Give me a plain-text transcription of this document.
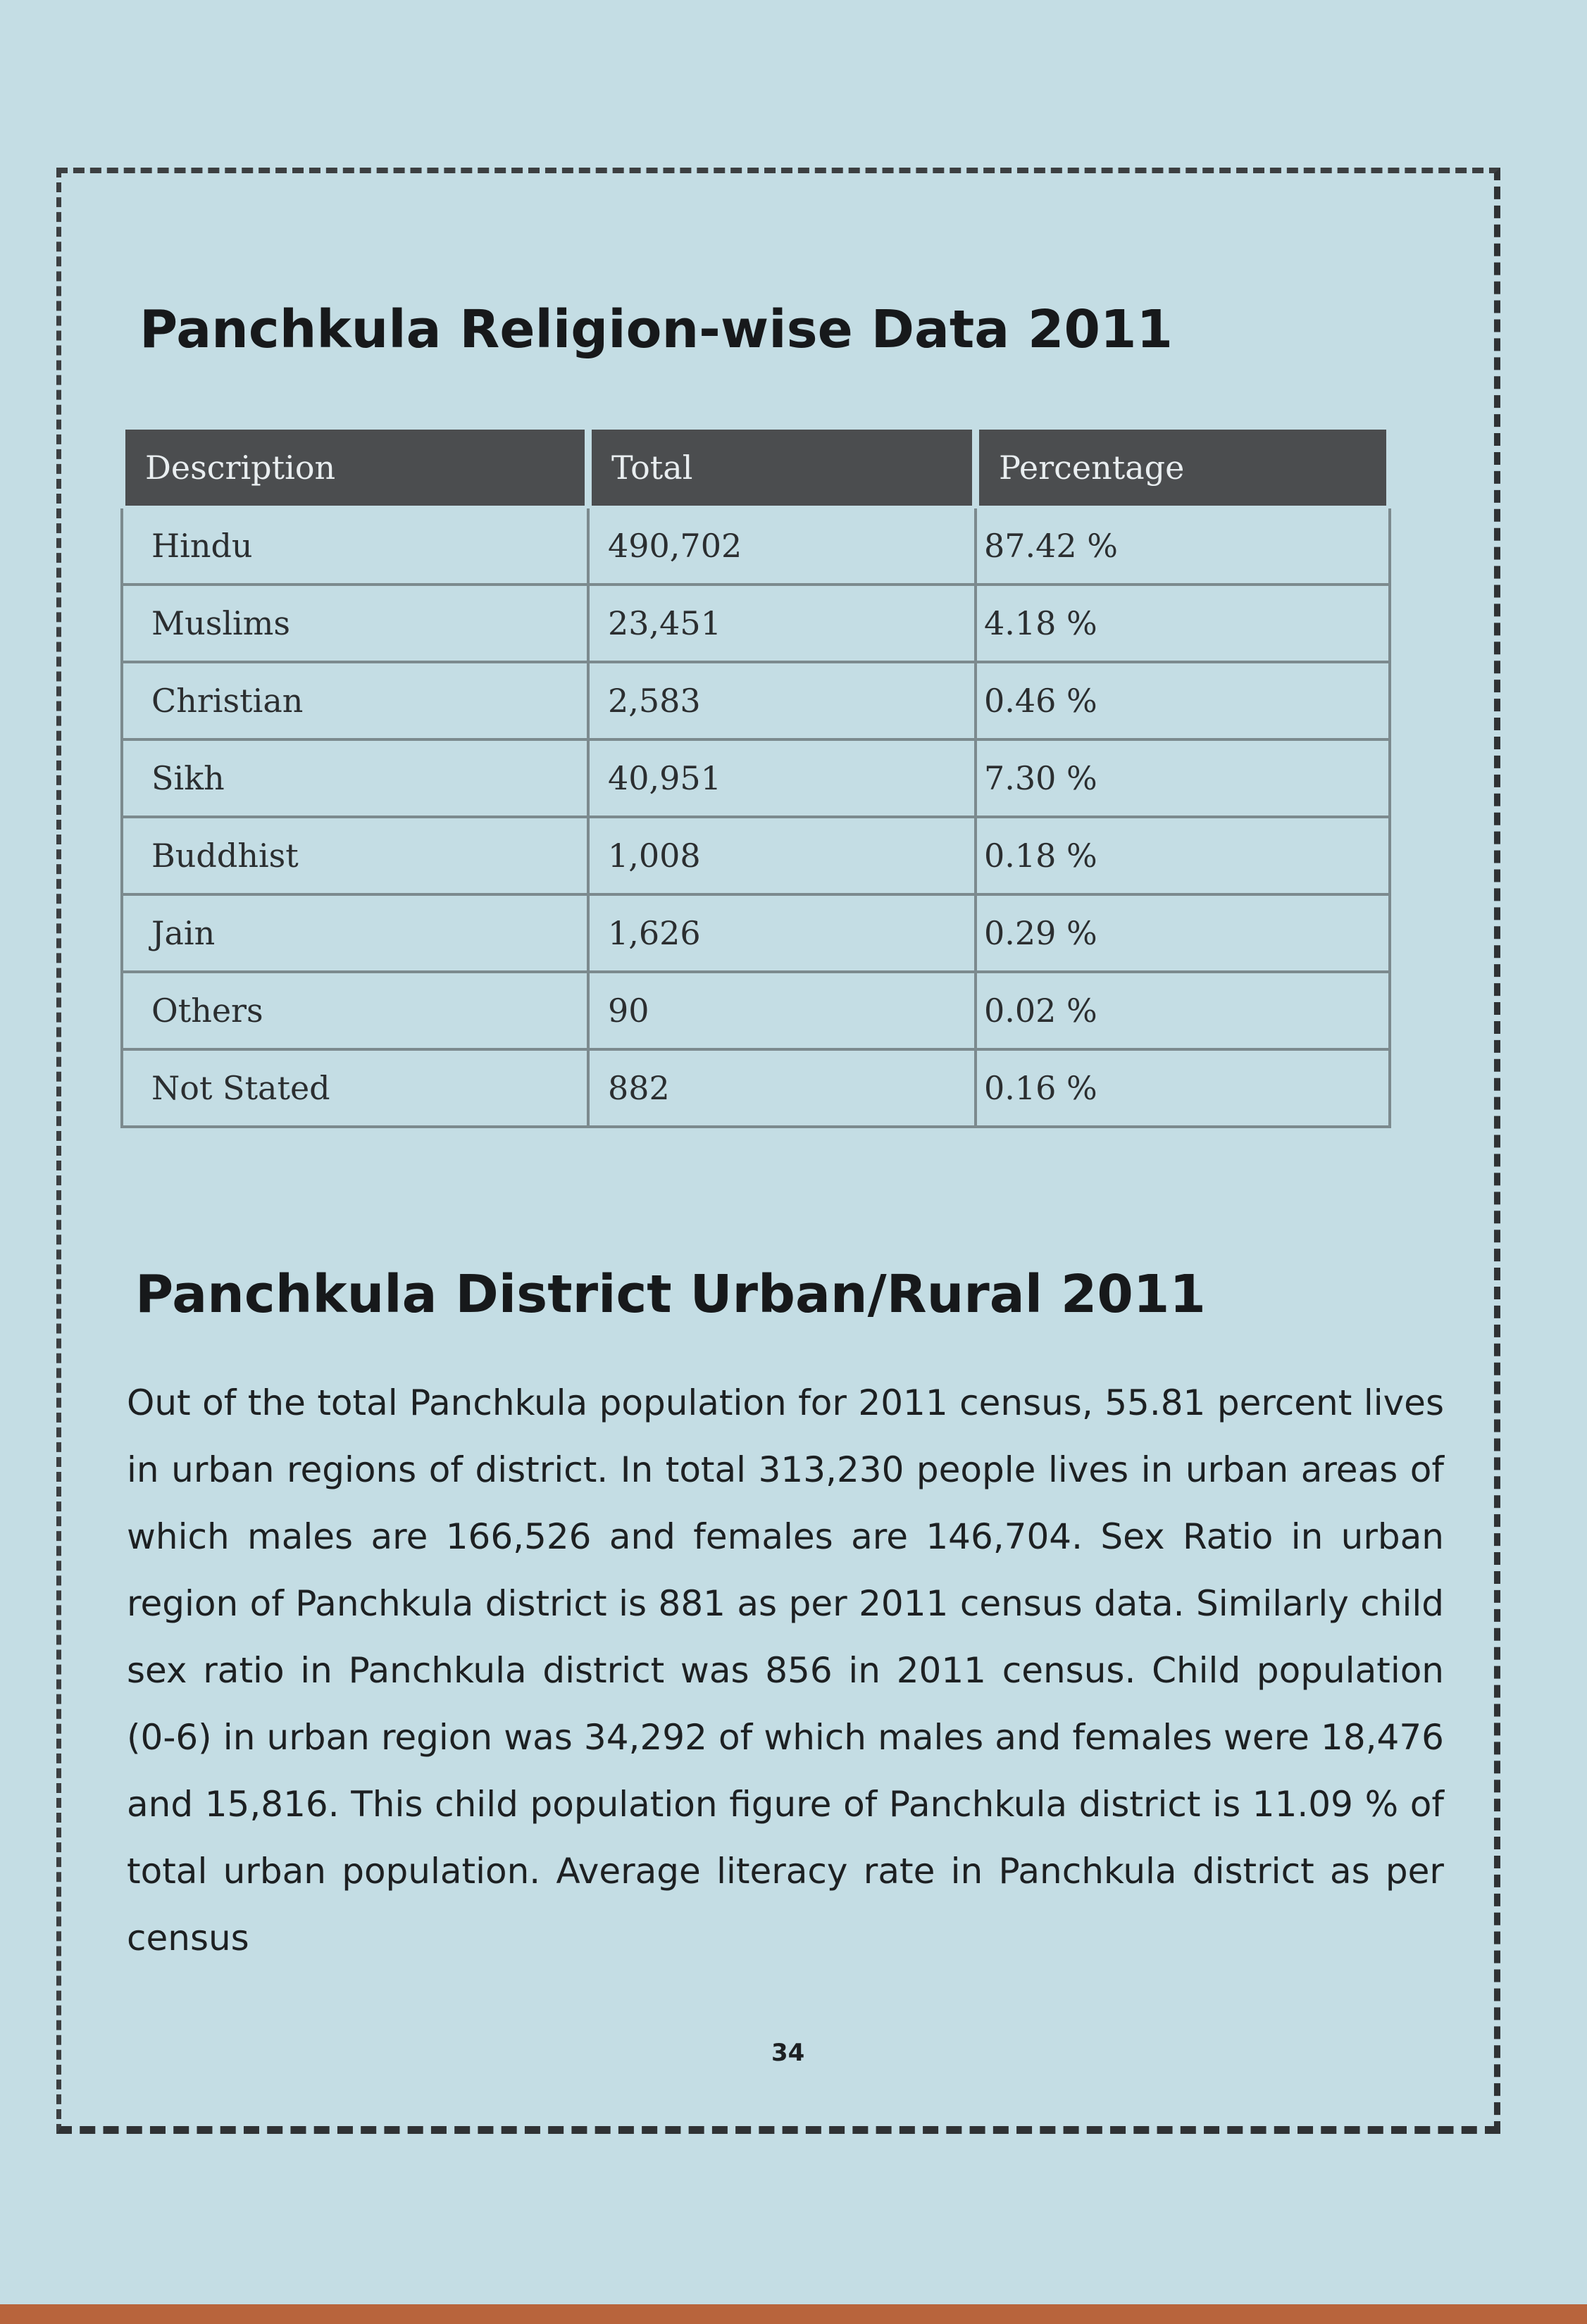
Panchkula Religion-wise Data 2011
Description	Total	Percentage
Hindu	490,702	87.42 %
Muslims	23,451	4.18 %
Christian	2,583	0.46 %
Sikh	40,951	7.30 %
Buddhist	1,008	0.18 %
Jain	1,626	0.29 %
Others	90	0.02 %
Not Stated	882	0.16 %
Panchkula District Urban/Rural 2011

Out of the total Panchkula population for 2011 census, 55.81 percent lives in urban regions of district. In total 313,230 people lives in urban areas of which males are 166,526 and females are 146,704. Sex Ratio in urban region of Panchkula district is 881 as per 2011 census data. Similarly child sex ratio in Panchkula district was 856 in 2011 census. Child population (0-6) in urban region was 34,292 of which males and females were 18,476 and 15,816. This child population figure of Panchkula district is 11.09 % of total urban population. Average literacy rate in Panchkula district as per census

34
